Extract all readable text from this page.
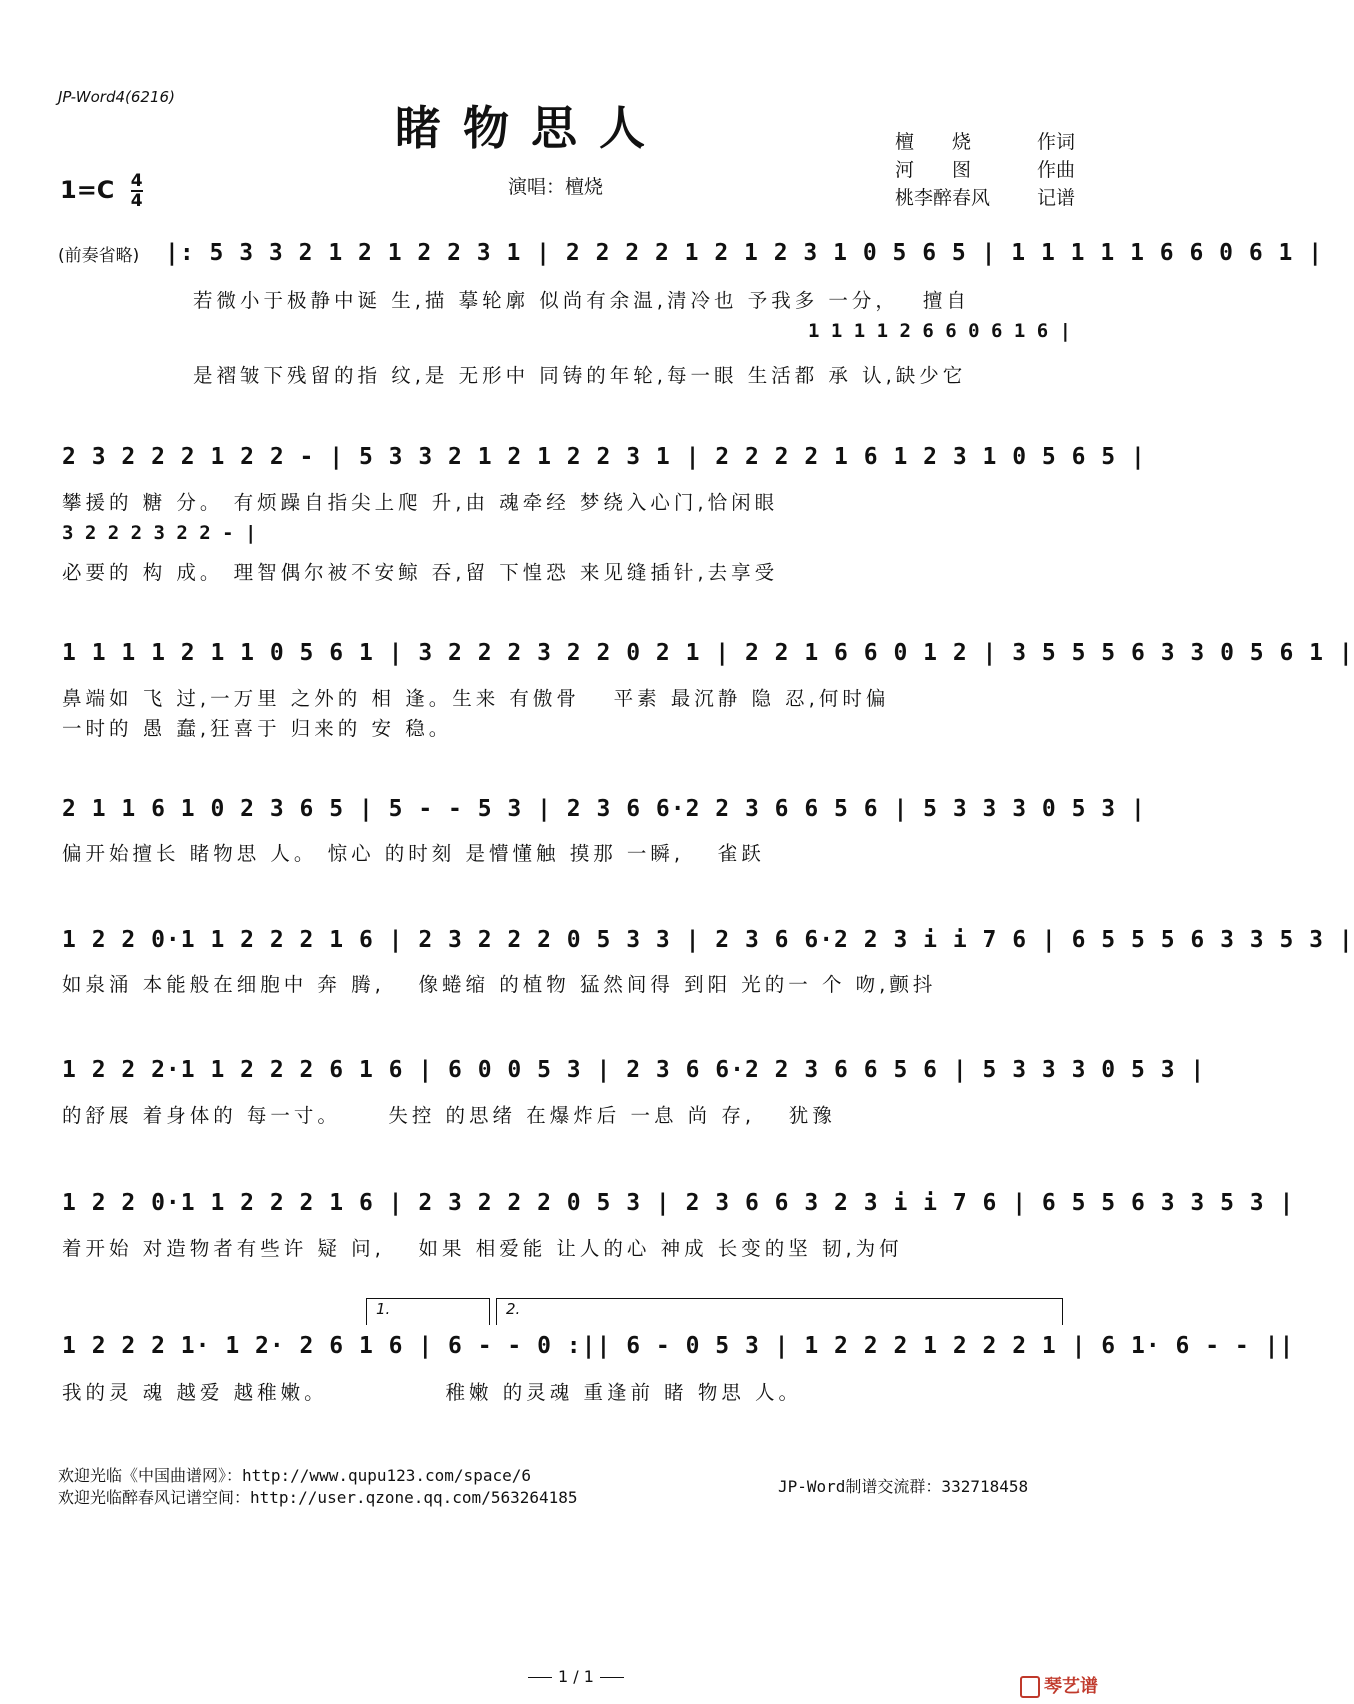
JP-Word4(6216)
睹物思人
$1=C \frac{4}{4}$	演唱：檀烧
檀　　烧	作词
河　　图	作曲
桃李醉春风 记谱
(前奏省略) |: 5 3 3 2 1 2 1 2 2 3 1 | 2 2 2 2 1 2 1 2 3 1 0 5 6 5 | 1 1 1 1 1 6 6 0 6 1 |
若微小于极静中诞 生,描 摹轮廓 似尚有余温,清冷也 予我多 一分，　 擅自
1 1 1 1 2 6 6 0 6 1 6 |
是褶皱下残留的指 纹,是 无形中 同铸的年轮,每一眼 生活都 承 认,缺少它
2 3 2 2 2 1 2 2 - | 5 3 3 2 1 2 1 2 2 3 1 | 2 2 2 2 1 6 1 2 3 1 0 5 6 5 |
攀援的 糖 分。 有烦躁自指尖上爬 升,由 魂牵经 梦绕入心门,恰闲眼
3 2 2 2 3 2 2 - |
必要的 构 成。 理智偶尔被不安鲸 吞,留 下惶恐 来见缝插针,去享受
1 1 1 1 2 1 1 0 5 6 1 | 3 2 2 2 3 2 2 0 2 1 | 2 2 1 6 6 0 1 2 | 3 5 5 5 6 3 3 0 5 6 1 |
鼻端如 飞 过,一万里 之外的 相 逢。生来 有傲骨　 平素 最沉静 隐 忍,何时偏
一时的 愚 蠢,狂喜于 归来的 安 稳。
2 1 1 6 1 0 2 3 6 5 | 5 - - 5 3 | 2 3 6 6·2 2 3 6 6 5 6 | 5 3 3 3 0 5 3 |
偏开始擅长 睹物思 人。 惊心 的时刻 是懵懂触 摸那 一瞬,　 雀跃
1 2 2 0·1 1 2 2 2 1 6 | 2 3 2 2 2 0 5 3 3 | 2 3 6 6·2 2 3 i i 7 6 | 6 5 5 5 6 3 3 5 3 |
如泉涌 本能般在细胞中 奔 腾,　 像蜷缩 的植物 猛然间得 到阳 光的一 个 吻,颤抖
1 2 2 2·1 1 2 2 2 6 1 6 | 6 0 0 5 3 | 2 3 6 6·2 2 3 6 6 5 6 | 5 3 3 3 0 5 3 |
的舒展 着身体的 每一寸。　　 失控 的思绪 在爆炸后 一息 尚 存,　 犹豫
1 2 2 0·1 1 2 2 2 1 6 | 2 3 2 2 2 0 5 3 | 2 3 6 6 3 2 3 i i 7 6 | 6 5 5 6 3 3 5 3 |
着开始 对造物者有些许 疑 问,　 如果 相爱能 让人的心 神成 长变的坚 韧,为何
1.	2.
1 2 2 2 1· 1 2· 2 6 1 6 | 6 - - 0 :|| 6 - 0 5 3 | 1 2 2 2 1 2 2 2 1 | 6 1· 6 - - ||
我的灵 魂 越爱 越稚嫩。　　　　　 稚嫩 的灵魂 重逢前 睹 物思 人。
欢迎光临《中国曲谱网》：http://www.qupu123.com/space/6
欢迎光临醉春风记谱空间：http://user.qzone.qq.com/563264185
JP-Word制谱交流群：332718458
1 / 1	琴艺谱
